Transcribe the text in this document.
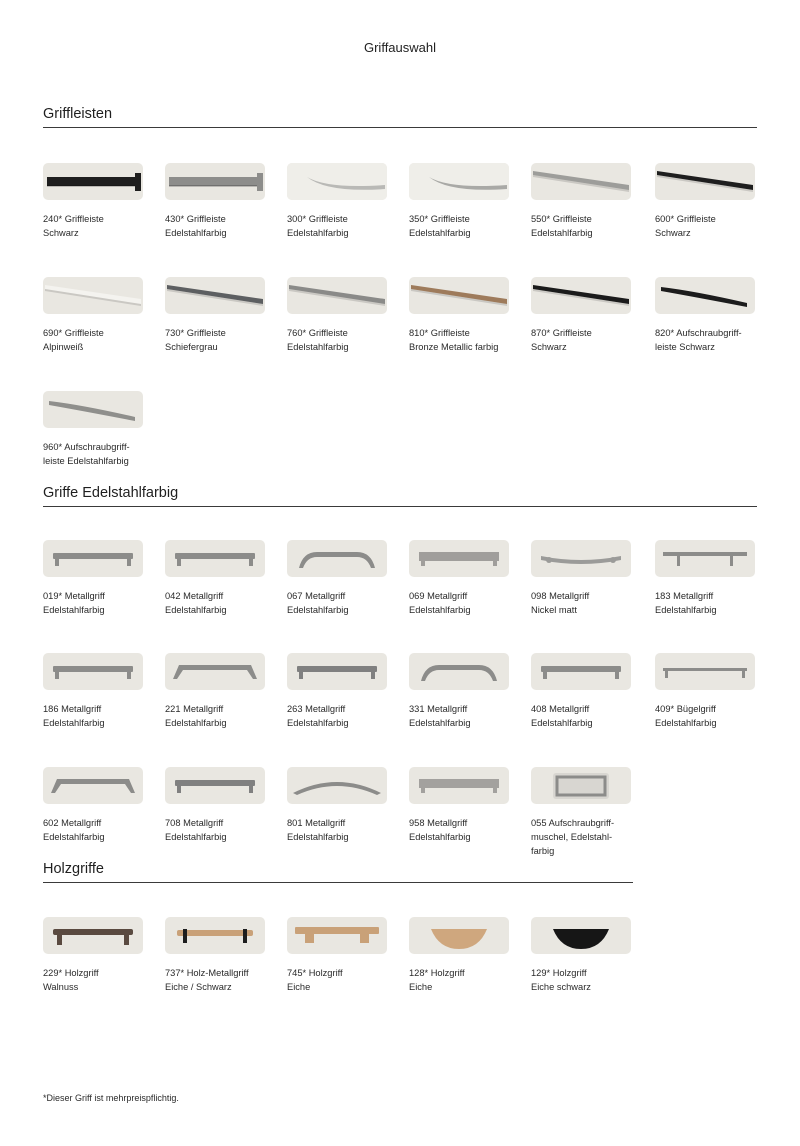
Griffauswahl
Griffleisten
240* Griffleiste
Schwarz
430* Griffleiste
Edelstahlfarbig
300* Griffleiste
Edelstahlfarbig
350* Griffleiste
Edelstahlfarbig
550* Griffleiste
Edelstahlfarbig
600* Griffleiste
Schwarz
690* Griffleiste
Alpinweiß
730* Griffleiste
Schiefergrau
760* Griffleiste
Edelstahlfarbig
810* Griffleiste
Bronze Metallic farbig
870* Griffleiste
Schwarz
820* Aufschraubgriff-
leiste Schwarz
960* Aufschraubgriff-
leiste Edelstahlfarbig
Griffe Edelstahlfarbig
019* Metallgriff
Edelstahlfarbig
042 Metallgriff
Edelstahlfarbig
067 Metallgriff
Edelstahlfarbig
069 Metallgriff
Edelstahlfarbig
098 Metallgriff
Nickel matt
183 Metallgriff
Edelstahlfarbig
186 Metallgriff
Edelstahlfarbig
221 Metallgriff
Edelstahlfarbig
263 Metallgriff
Edelstahlfarbig
331 Metallgriff
Edelstahlfarbig
408 Metallgriff
Edelstahlfarbig
409* Bügelgriff
Edelstahlfarbig
602 Metallgriff
Edelstahlfarbig
708 Metallgriff
Edelstahlfarbig
801 Metallgriff
Edelstahlfarbig
958 Metallgriff
Edelstahlfarbig
055 Aufschraubgriff-
muschel, Edelstahl-
farbig
Holzgriffe
229* Holzgriff
Walnuss
737* Holz-Metallgriff
Eiche / Schwarz
745* Holzgriff
Eiche
128* Holzgriff
Eiche
129* Holzgriff
Eiche schwarz
*Dieser Griff ist mehrpreispflichtig.
